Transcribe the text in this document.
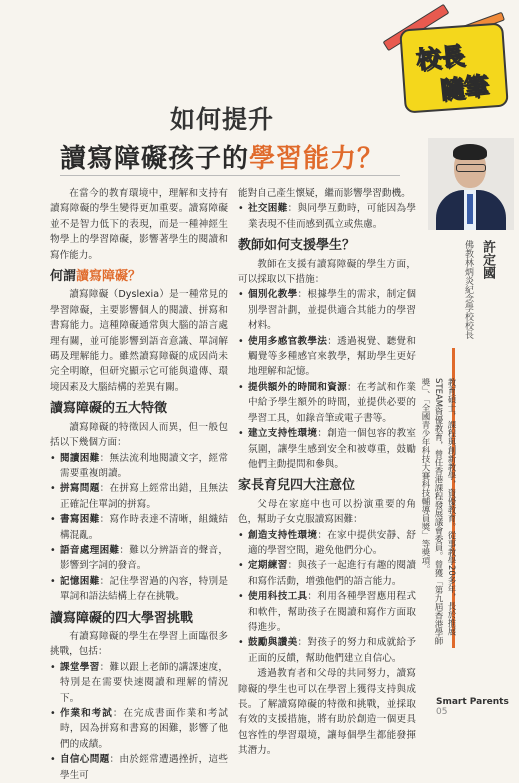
校長
隨筆
如何提升
讀寫障礙孩子的學習能力？
許定國
佛教林炳炎紀念學校校長
教育碩士，課程與創新教學，資優教育。從事教學20多年，長於推展STEAM資優教育，曾任香港課程發展議會委員。曾獲「第九屆香港學師獎」、「全國青少年科技大賽科技輔導員獎」等獎項。

在當今的教育環境中，理解和支持有讀寫障礙的學生變得更加重要。讀寫障礙並不是智力低下的表現，而是一種神經生物學上的學習障礙，影響著學生的閱讀和寫作能力。

何謂讀寫障礙？

讀寫障礙（Dyslexia）是一種常見的學習障礙，主要影響個人的閱讀、拼寫和書寫能力。這種障礙通常與大腦的語言處理有關，並可能影響到語音意識、單詞解碼及理解能力。雖然讀寫障礙的成因尚未完全明瞭，但研究顯示它可能與遺傳、環境因素及大腦結構的差異有關。

讀寫障礙的五大特徵

讀寫障礙的特徵因人而異，但一般包括以下幾個方面：

• 閱讀困難：無法流利地閱讀文字，經常需要重複朗讀。
• 拼寫問題：在拼寫上經常出錯，且無法正確記住單詞的拼寫。
• 書寫困難：寫作時表達不清晰，組織結構混亂。
• 語音處理困難：難以分辨語音的聲音，影響到字詞的發音。
• 記憶困難：記住學習過的內容，特別是單詞和語法結構上存在挑戰。
讀寫障礙的四大學習挑戰

有讀寫障礙的學生在學習上面臨很多挑戰，包括：

• 課堂學習：難以跟上老師的講課速度，特別是在需要快速閱讀和理解的情況下。
• 作業和考試：在完成書面作業和考試時，因為拼寫和書寫的困難，影響了他們的成績。
• 自信心問題：由於經常遭遇挫折，這些學生可
能對自己產生懷疑，繼而影響學習動機。
• 社交困難：與同學互動時，可能因為學業表現不佳而感到孤立或焦慮。
教師如何支援學生？

教師在支援有讀寫障礙的學生方面，可以採取以下措施：

• 個別化教學：根據學生的需求，制定個別學習計劃，並提供適合其能力的學習材料。
• 使用多感官教學法：透過視覺、聽覺和觸覺等多種感官來教學，幫助學生更好地理解和記憶。
• 提供額外的時間和資源：在考試和作業中給予學生額外的時間，並提供必要的學習工具，如錄音筆或電子書等。
• 建立支持性環境：創造一個包容的教室氛圍，讓學生感到安全和被尊重，鼓勵他們主動提問和參與。
家長育兒四大注意位

父母在家庭中也可以扮演重要的角色，幫助子女克服讀寫困難：

• 創造支持性環境：在家中提供安靜、舒適的學習空間，避免他們分心。
• 定期練習：與孩子一起進行有趣的閱讀和寫作活動，增強他們的語言能力。
• 使用科技工具：利用各種學習應用程式和軟件，幫助孩子在閱讀和寫作方面取得進步。
• 鼓勵與讚美：對孩子的努力和成就給予正面的反饋，幫助他們建立自信心。

透過教育者和父母的共同努力，讀寫障礙的學生也可以在學習上獲得支持與成長。了解讀寫障礙的特徵和挑戰，並採取有效的支援措施，將有助於創造一個更具包容性的學習環境，讓每個學生都能發揮其潛力。

Smart Parents 05
